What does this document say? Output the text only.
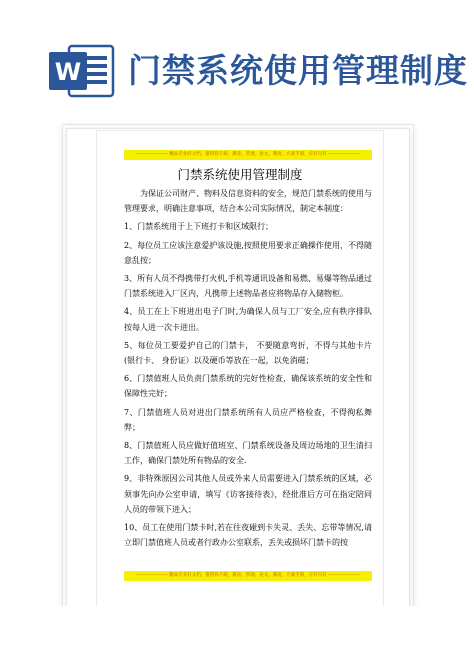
W 门禁系统使用管理制度
——————— 精品专业好文档，值得你下载，教育，管理，论文，制度，方案手册，应有尽有 ———————
门禁系统使用管理制度

为保证公司财产、物料及信息资料的安全，规范门禁系统的使用与管理要求，明确注意事项，结合本公司实际情况，制定本制度：

1、门禁系统用于上下班打卡和区域限行；

2、每位员工应该注意爱护该设施,按照使用要求正确操作使用，不得随意乱按；

3、所有人员不得携带打火机,手机等通讯设备和易燃、易爆等物品通过门禁系统进入厂区内，凡携带上述物品者应将物品存入储物柜。

4、员工在上下班进出电子门时,为确保人员与工厂安全,应有秩序排队按每人进一次卡进出。

5、每位员工要爱护自己的门禁卡， 不要随意弯折，不得与其他卡片(银行卡、 身份证）以及硬币等放在一起，以免消磁；

6、门禁值班人员负责门禁系统的完好性检查，确保该系统的安全性和保障性完好；

7、门禁值班人员对进出门禁系统所有人员应严格检查，不得徇私舞弊；

8、门禁值班人员应做好值班室、门禁系统设备及周边场地的卫生清扫工作，确保门禁处所有物品的安全.

9、非特殊原因公司其他人员或外来人员需要进入门禁系统的区域，必须事先向办公室申请，填写《访客接待表》，经批准后方可在指定陪同人员的带领下进入；

10、员工在使用门禁卡时,若在往夜碰到卡失灵、丢失、忘带等情况,请立即门禁值班人员或者行政办公室联系，丢失或损坏门禁卡的按

——————— 精品专业好文档，值得你下载，教育，管理，论文，制度，方案手册，应有尽有 ———————
